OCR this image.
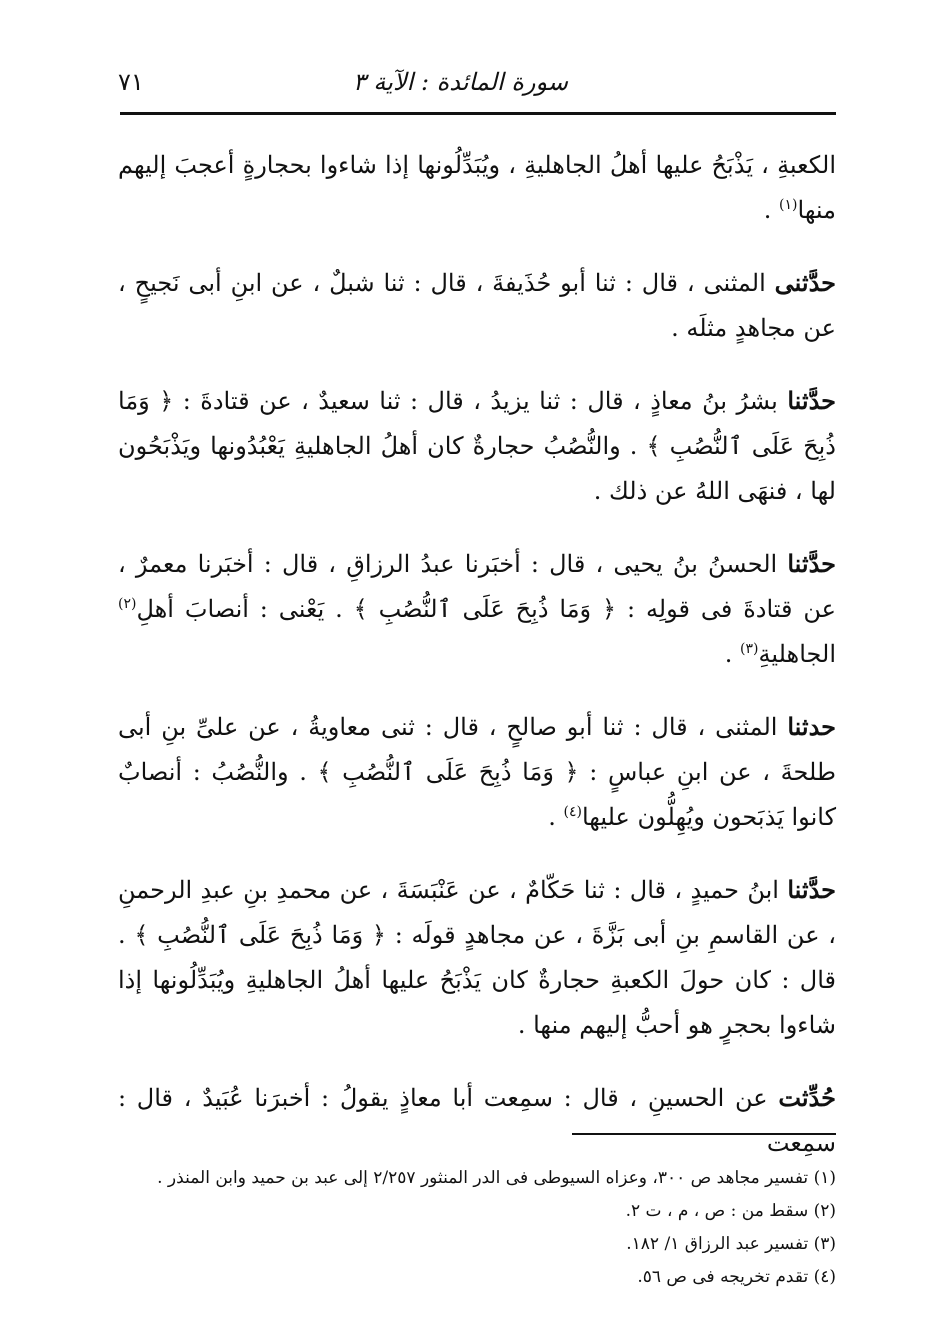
سورة المائدة : الآية ٣
٧١

الكعبةِ ، يَذْبَحُ عليها أهلُ الجاهليةِ ، ويُبَدِّلُونها إذا شاءوا بحجارةٍ أعجبَ إليهم منها$^{(١)}$ .

حدَّثنى المثنى ، قال : ثنا أبو حُذَيفةَ ، قال : ثنا شبلٌ ، عن ابنِ أبى نَجيحٍ ، عن مجاهدٍ مثلَه .

حدَّثنا بشرُ بنُ معاذٍ ، قال : ثنا يزيدُ ، قال : ثنا سعيدٌ ، عن قتادةَ : ﴿ وَمَا ذُبِحَ عَلَى ٱلنُّصُبِ ﴾ . والنُّصُبُ حجارةٌ كان أهلُ الجاهليةِ يَعْبُدُونها ويَذْبَحُون لها ، فنهَى اللهُ عن ذلك .

حدَّثنا الحسنُ بنُ يحيى ، قال : أخبَرنا عبدُ الرزاقِ ، قال : أخبَرنا معمرٌ ، عن قتادةَ فى قولِه : ﴿ وَمَا ذُبِحَ عَلَى ٱلنُّصُبِ ﴾ . يَعْنى : أنصابَ أهلِ$^{(٢)}$ الجاهليةِ$^{(٣)}$ .

حدثنا المثنى ، قال : ثنا أبو صالحٍ ، قال : ثنى معاويةُ ، عن علىِّ بنِ أبى طلحةَ ، عن ابنِ عباسٍ : ﴿ وَمَا ذُبِحَ عَلَى ٱلنُّصُبِ ﴾ . والنُّصُبُ : أنصابٌ كانوا يَذبَحون ويُهِلُّون عليها$^{(٤)}$ .

حدَّثنا ابنُ حميدٍ ، قال : ثنا حَكّامٌ ، عن عَنْبَسَةَ ، عن محمدِ بنِ عبدِ الرحمنِ ، عن القاسمِ بنِ أبى بَزَّةَ ، عن مجاهدٍ قولَه : ﴿ وَمَا ذُبِحَ عَلَى ٱلنُّصُبِ ﴾ . قال : كان حولَ الكعبةِ حجارةٌ كان يَذْبَحُ عليها أهلُ الجاهليةِ ويُبَدِّلُونها إذا شاءوا بحجرٍ هو أحبُّ إليهم منها .

حُدِّثت عن الحسينِ ، قال : سمِعت أبا معاذٍ يقولُ : أخبرَنا عُبَيدٌ ، قال : سمِعت

(١) تفسير مجاهد ص ٣٠٠، وعزاه السيوطى فى الدر المنثور ٢/٢٥٧ إلى عبد بن حميد وابن المنذر .
(٢) سقط من : ص ، م ، ت ٢.
(٣) تفسير عبد الرزاق ١/ ١٨٢.
(٤) تقدم تخريجه فى ص ٥٦.
